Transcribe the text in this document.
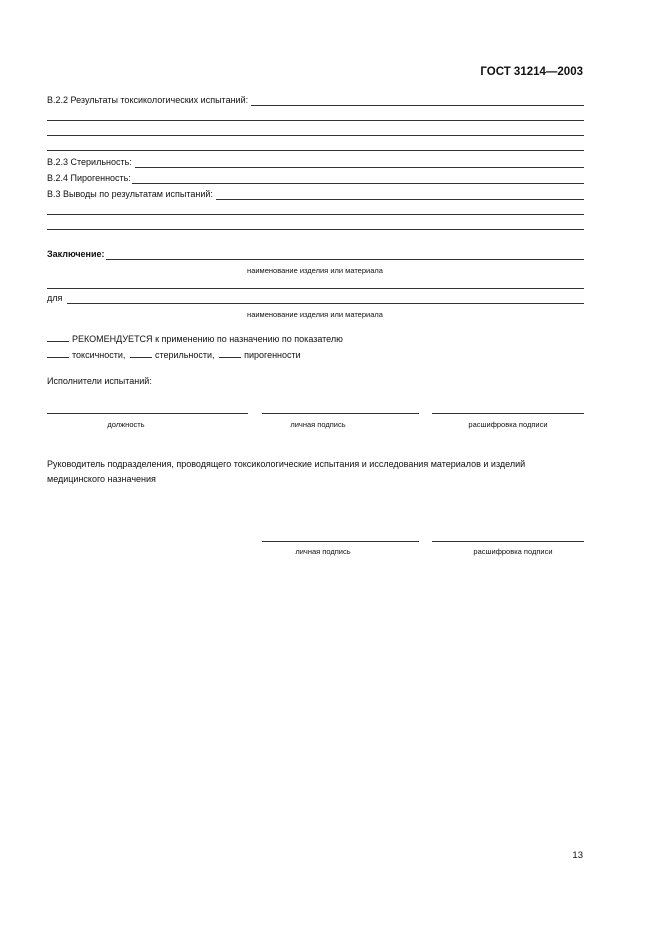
ГОСТ 31214—2003
В.2.2 Результаты токсикологических испытаний:
В.2.3 Стерильность:
В.2.4 Пирогенность:
В.3 Выводы по результатам испытаний:
Заключение:
наименование изделия или материала
для
наименование изделия или материала
РЕКОМЕНДУЕТСЯ к применению по назначению по показателю
токсичности,	стерильности,	пирогенности
Исполнители испытаний:
должность	личная подпись	расшифровка подписи
Руководитель подразделения, проводящего токсикологические испытания и исследования материалов и изделий
медицинского назначения
личная подпись	расшифровка подписи
13
